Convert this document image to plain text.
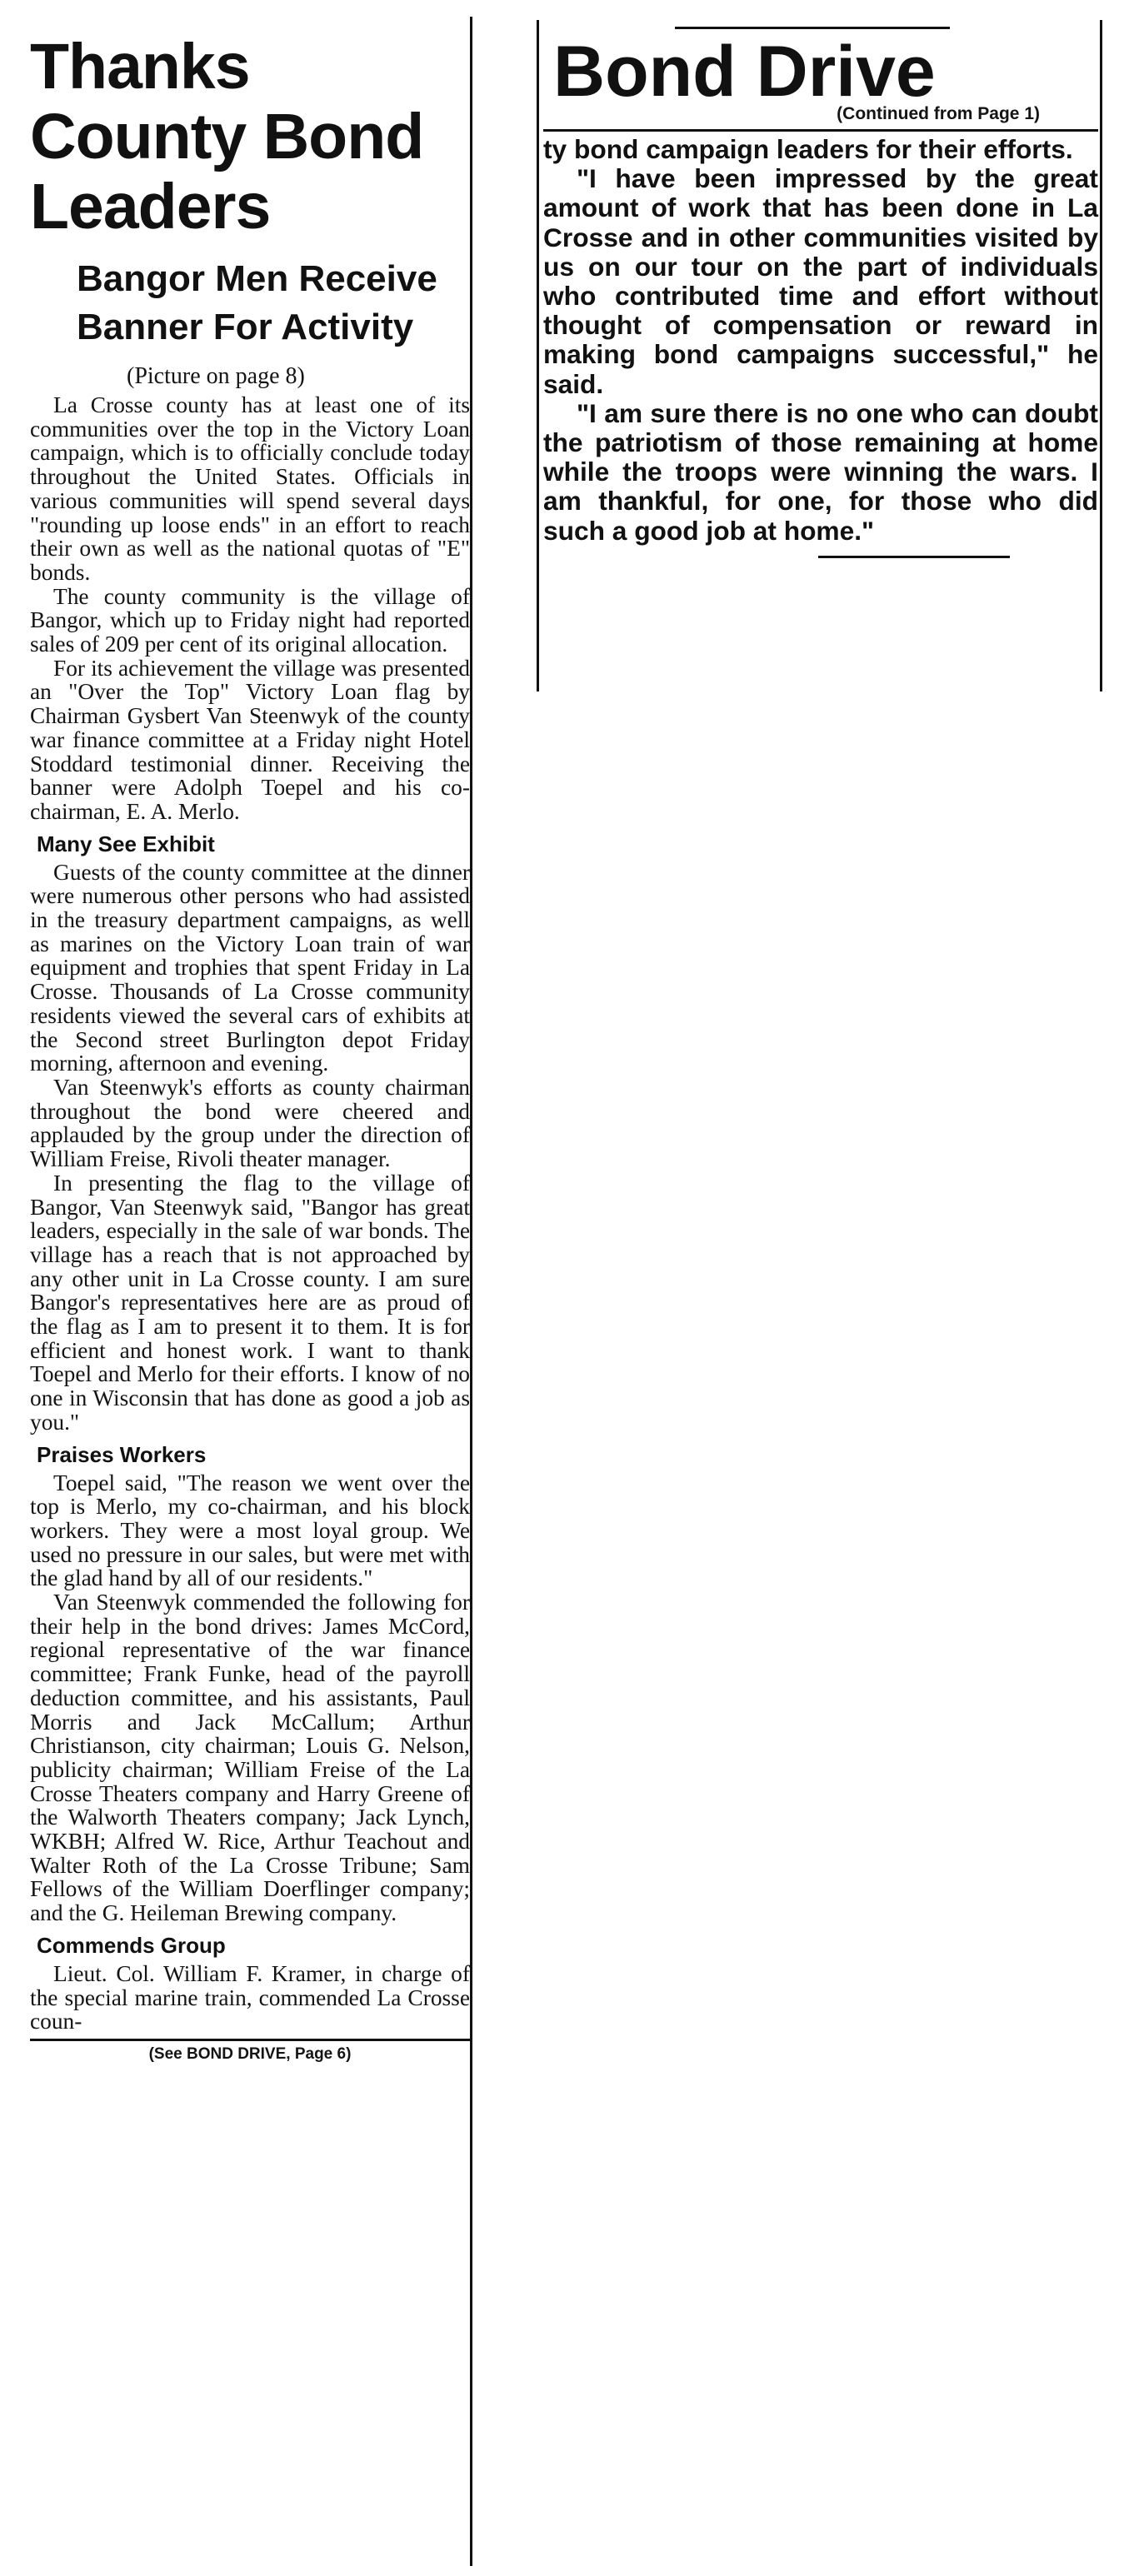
Thanks County Bond Leaders
Bangor Men Receive Banner For Activity
(Picture on page 8)

La Crosse county has at least one of its communities over the top in the Victory Loan campaign, which is to officially conclude today throughout the United States. Officials in various communities will spend several days "rounding up loose ends" in an effort to reach their own as well as the national quotas of "E" bonds.

The county community is the village of Bangor, which up to Friday night had reported sales of 209 per cent of its original allocation.

For its achievement the village was presented an "Over the Top" Victory Loan flag by Chairman Gysbert Van Steenwyk of the county war finance committee at a Friday night Hotel Stoddard testimonial dinner. Receiving the banner were Adolph Toepel and his co-chairman, E. A. Merlo.

Many See Exhibit

Guests of the county committee at the dinner were numerous other persons who had assisted in the treasury department campaigns, as well as marines on the Victory Loan train of war equipment and trophies that spent Friday in La Crosse. Thousands of La Crosse community residents viewed the several cars of exhibits at the Second street Burlington depot Friday morning, afternoon and evening.

Van Steenwyk's efforts as county chairman throughout the bond were cheered and applauded by the group under the direction of William Freise, Rivoli theater manager.

In presenting the flag to the village of Bangor, Van Steenwyk said, "Bangor has great leaders, especially in the sale of war bonds. The village has a reach that is not approached by any other unit in La Crosse county. I am sure Bangor's representatives here are as proud of the flag as I am to present it to them. It is for efficient and honest work. I want to thank Toepel and Merlo for their efforts. I know of no one in Wisconsin that has done as good a job as you."

Praises Workers

Toepel said, "The reason we went over the top is Merlo, my co-chairman, and his block workers. They were a most loyal group. We used no pressure in our sales, but were met with the glad hand by all of our residents."

Van Steenwyk commended the following for their help in the bond drives: James McCord, regional representative of the war finance committee; Frank Funke, head of the payroll deduction committee, and his assistants, Paul Morris and Jack McCallum; Arthur Christianson, city chairman; Louis G. Nelson, publicity chairman; William Freise of the La Crosse Theaters company and Harry Greene of the Walworth Theaters company; Jack Lynch, WKBH; Alfred W. Rice, Arthur Teachout and Walter Roth of the La Crosse Tribune; Sam Fellows of the William Doerflinger company; and the G. Heileman Brewing company.

Commends Group

Lieut. Col. William F. Kramer, in charge of the special marine train, commended La Crosse coun-

(See BOND DRIVE, Page 6)
Bond Drive
(Continued from Page 1)

ty bond campaign leaders for their efforts.

"I have been impressed by the great amount of work that has been done in La Crosse and in other communities visited by us on our tour on the part of individuals who contributed time and effort without thought of compensation or reward in making bond campaigns successful," he said.

"I am sure there is no one who can doubt the patriotism of those remaining at home while the troops were winning the wars. I am thankful, for one, for those who did such a good job at home."
